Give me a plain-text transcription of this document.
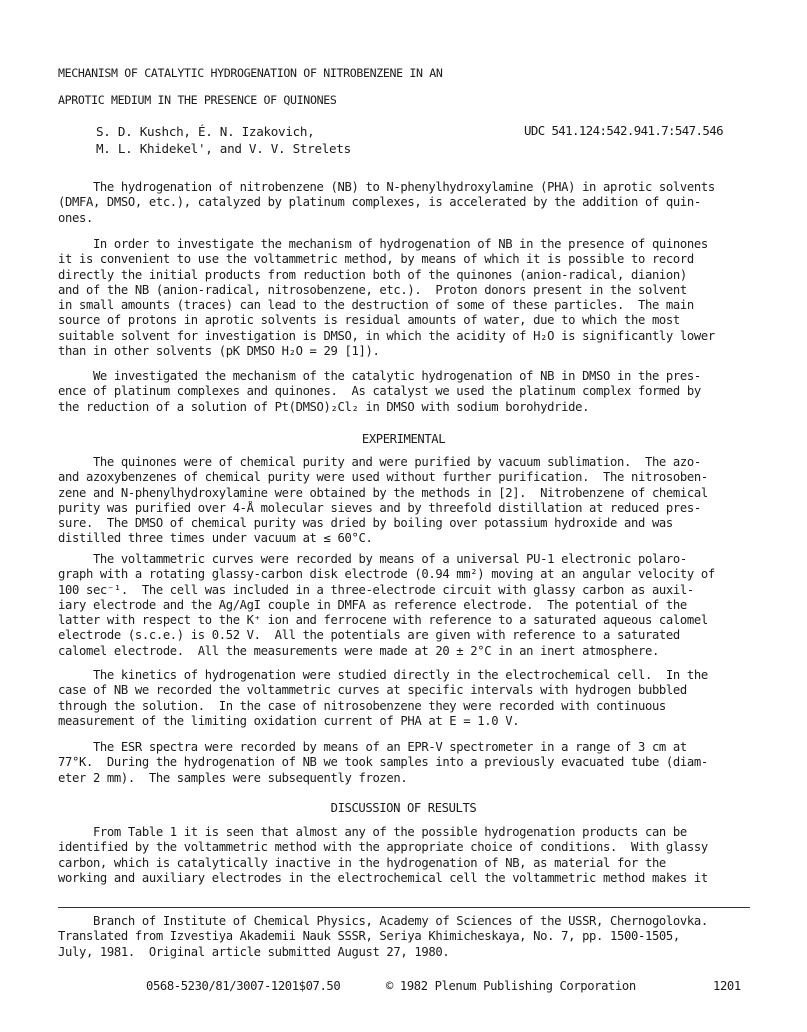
MECHANISM OF CATALYTIC HYDROGENATION OF NITROBENZENE IN AN
APROTIC MEDIUM IN THE PRESENCE OF QUINONES
S. D. Kushch, É. N. Izakovich,
M. L. Khidekel', and V. V. Strelets
UDC 541.124:542.941.7:547.546
The hydrogenation of nitrobenzene (NB) to N-phenylhydroxylamine (PHA) in aprotic solvents
(DMFA, DMSO, etc.), catalyzed by platinum complexes, is accelerated by the addition of quin-
ones.
In order to investigate the mechanism of hydrogenation of NB in the presence of quinones
it is convenient to use the voltammetric method, by means of which it is possible to record
directly the initial products from reduction both of the quinones (anion-radical, dianion)
and of the NB (anion-radical, nitrosobenzene, etc.).  Proton donors present in the solvent
in small amounts (traces) can lead to the destruction of some of these particles.  The main
source of protons in aprotic solvents is residual amounts of water, due to which the most
suitable solvent for investigation is DMSO, in which the acidity of H₂O is significantly lower
than in other solvents (pK DMSO H₂O = 29 [1]).
We investigated the mechanism of the catalytic hydrogenation of NB in DMSO in the pres-
ence of platinum complexes and quinones.  As catalyst we used the platinum complex formed by
the reduction of a solution of Pt(DMSO)₂Cl₂ in DMSO with sodium borohydride.
EXPERIMENTAL
The quinones were of chemical purity and were purified by vacuum sublimation.  The azo-
and azoxybenzenes of chemical purity were used without further purification.  The nitrosoben-
zene and N-phenylhydroxylamine were obtained by the methods in [2].  Nitrobenzene of chemical
purity was purified over 4-Å molecular sieves and by threefold distillation at reduced pres-
sure.  The DMSO of chemical purity was dried by boiling over potassium hydroxide and was
distilled three times under vacuum at ≤ 60°C.
The voltammetric curves were recorded by means of a universal PU-1 electronic polaro-
graph with a rotating glassy-carbon disk electrode (0.94 mm²) moving at an angular velocity of
100 sec⁻¹.  The cell was included in a three-electrode circuit with glassy carbon as auxil-
iary electrode and the Ag/AgI couple in DMFA as reference electrode.  The potential of the
latter with respect to the K⁺ ion and ferrocene with reference to a saturated aqueous calomel
electrode (s.c.e.) is 0.52 V.  All the potentials are given with reference to a saturated
calomel electrode.  All the measurements were made at 20 ± 2°C in an inert atmosphere.
The kinetics of hydrogenation were studied directly in the electrochemical cell.  In the
case of NB we recorded the voltammetric curves at specific intervals with hydrogen bubbled
through the solution.  In the case of nitrosobenzene they were recorded with continuous
measurement of the limiting oxidation current of PHA at E = 1.0 V.
The ESR spectra were recorded by means of an EPR-V spectrometer in a range of 3 cm at
77°K.  During the hydrogenation of NB we took samples into a previously evacuated tube (diam-
eter 2 mm).  The samples were subsequently frozen.
DISCUSSION OF RESULTS
From Table 1 it is seen that almost any of the possible hydrogenation products can be
identified by the voltammetric method with the appropriate choice of conditions.  With glassy
carbon, which is catalytically inactive in the hydrogenation of NB, as material for the
working and auxiliary electrodes in the electrochemical cell the voltammetric method makes it
Branch of Institute of Chemical Physics, Academy of Sciences of the USSR, Chernogolovka.
Translated from Izvestiya Akademii Nauk SSSR, Seriya Khimicheskaya, No. 7, pp. 1500-1505,
July, 1981.  Original article submitted August 27, 1980.
0568-5230/81/3007-1201$07.50	© 1982 Plenum Publishing Corporation	1201
